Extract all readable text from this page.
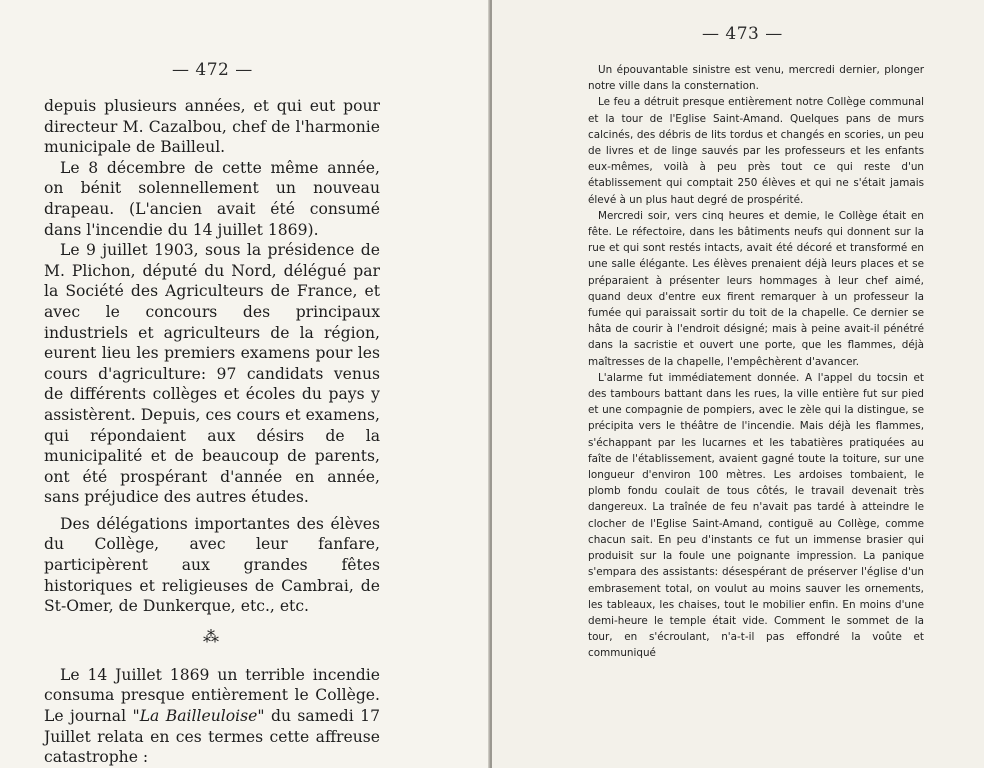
— 472 —

depuis plusieurs années, et qui eut pour directeur M. Cazalbou, chef de l'harmonie municipale de Bailleul.

Le 8 décembre de cette même année, on bénit solennellement un nouveau drapeau. (L'ancien avait été consumé dans l'incendie du 14 juillet 1869).

Le 9 juillet 1903, sous la présidence de M. Plichon, député du Nord, délégué par la Société des Agriculteurs de France, et avec le concours des principaux industriels et agriculteurs de la région, eurent lieu les premiers examens pour les cours d'agriculture: 97 candidats venus de différents collèges et écoles du pays y assistèrent. Depuis, ces cours et examens, qui répondaient aux désirs de la municipalité et de beaucoup de parents, ont été prospérant d'année en année, sans préjudice des autres études.

Des délégations importantes des élèves du Collège, avec leur fanfare, participèrent aux grandes fêtes historiques et religieuses de Cambrai, de St-Omer, de Dunkerque, etc., etc.

⁂

Le 14 Juillet 1869 un terrible incendie consuma presque entièrement le Collège. Le journal "La Bailleuloise" du samedi 17 Juillet relata en ces termes cette affreuse catastrophe :

— 473 —

Un épouvantable sinistre est venu, mercredi dernier, plonger notre ville dans la consternation.

Le feu a détruit presque entièrement notre Collège communal et la tour de l'Eglise Saint-Amand. Quelques pans de murs calcinés, des débris de lits tordus et changés en scories, un peu de livres et de linge sauvés par les professeurs et les enfants eux-mêmes, voilà à peu près tout ce qui reste d'un établissement qui comptait 250 élèves et qui ne s'était jamais élevé à un plus haut degré de prospérité.

Mercredi soir, vers cinq heures et demie, le Collège était en fête. Le réfectoire, dans les bâtiments neufs qui donnent sur la rue et qui sont restés intacts, avait été décoré et transformé en une salle élégante. Les élèves prenaient déjà leurs places et se préparaient à présenter leurs hommages à leur chef aimé, quand deux d'entre eux firent remarquer à un professeur la fumée qui paraissait sortir du toit de la chapelle. Ce dernier se hâta de courir à l'endroit désigné; mais à peine avait-il pénétré dans la sacristie et ouvert une porte, que les flammes, déjà maîtresses de la chapelle, l'empêchèrent d'avancer.

L'alarme fut immédiatement donnée. A l'appel du tocsin et des tambours battant dans les rues, la ville entière fut sur pied et une compagnie de pompiers, avec le zèle qui la distingue, se précipita vers le théâtre de l'incendie. Mais déjà les flammes, s'échappant par les lucarnes et les tabatières pratiquées au faîte de l'établissement, avaient gagné toute la toiture, sur une longueur d'environ 100 mètres. Les ardoises tombaient, le plomb fondu coulait de tous côtés, le travail devenait très dangereux. La traînée de feu n'avait pas tardé à atteindre le clocher de l'Eglise Saint-Amand, contiguë au Collège, comme chacun sait. En peu d'instants ce fut un immense brasier qui produisit sur la foule une poignante impression. La panique s'empara des assistants: désespérant de préserver l'église d'un embrasement total, on voulut au moins sauver les ornements, les tableaux, les chaises, tout le mobilier enfin. En moins d'une demi-heure le temple était vide. Comment le sommet de la tour, en s'écroulant, n'a-t-il pas effondré la voûte et communiqué
